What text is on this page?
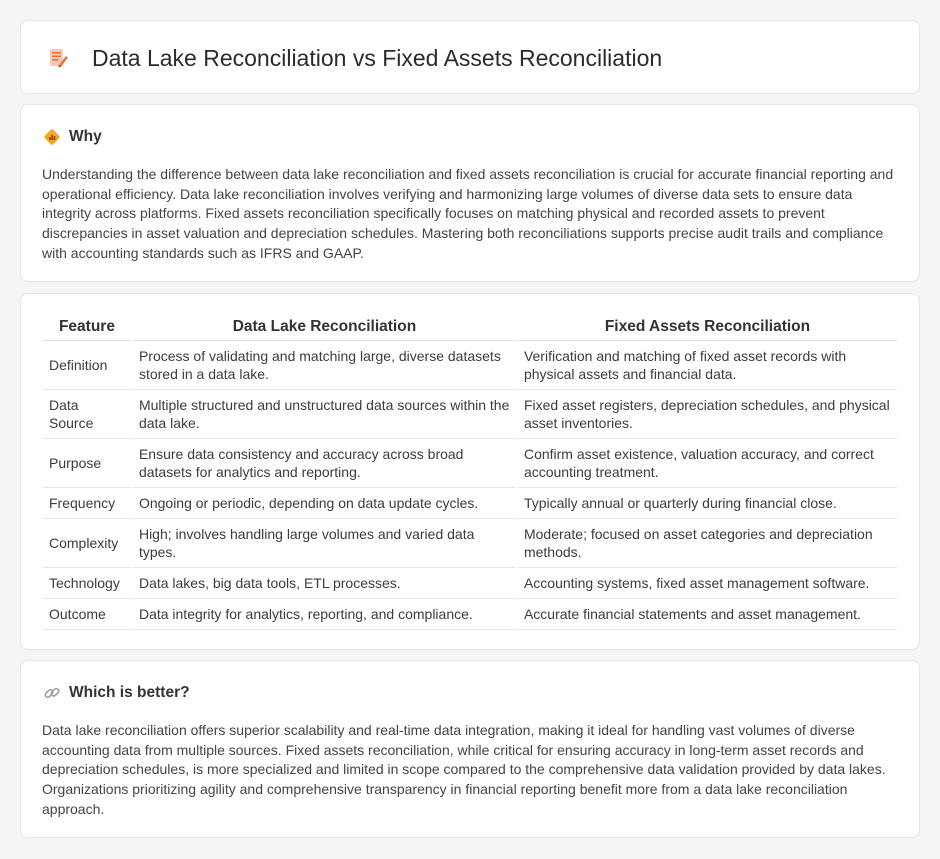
Data Lake Reconciliation vs Fixed Assets Reconciliation
Why

Understanding the difference between data lake reconciliation and fixed assets reconciliation is crucial for accurate financial reporting and operational efficiency. Data lake reconciliation involves verifying and harmonizing large volumes of diverse data sets to ensure data integrity across platforms. Fixed assets reconciliation specifically focuses on matching physical and recorded assets to prevent discrepancies in asset valuation and depreciation schedules. Mastering both reconciliations supports precise audit trails and compliance with accounting standards such as IFRS and GAAP.

Feature	Data Lake Reconciliation	Fixed Assets Reconciliation
Definition	Process of validating and matching large, diverse datasets stored in a data lake.	Verification and matching of fixed asset records with physical assets and financial data.
Data Source	Multiple structured and unstructured data sources within the data lake.	Fixed asset registers, depreciation schedules, and physical asset inventories.
Purpose	Ensure data consistency and accuracy across broad datasets for analytics and reporting.	Confirm asset existence, valuation accuracy, and correct accounting treatment.
Frequency	Ongoing or periodic, depending on data update cycles.	Typically annual or quarterly during financial close.
Complexity	High; involves handling large volumes and varied data types.	Moderate; focused on asset categories and depreciation methods.
Technology	Data lakes, big data tools, ETL processes.	Accounting systems, fixed asset management software.
Outcome	Data integrity for analytics, reporting, and compliance.	Accurate financial statements and asset management.
Which is better?

Data lake reconciliation offers superior scalability and real-time data integration, making it ideal for handling vast volumes of diverse accounting data from multiple sources. Fixed assets reconciliation, while critical for ensuring accuracy in long-term asset records and depreciation schedules, is more specialized and limited in scope compared to the comprehensive data validation provided by data lakes. Organizations prioritizing agility and comprehensive transparency in financial reporting benefit more from a data lake reconciliation approach.
